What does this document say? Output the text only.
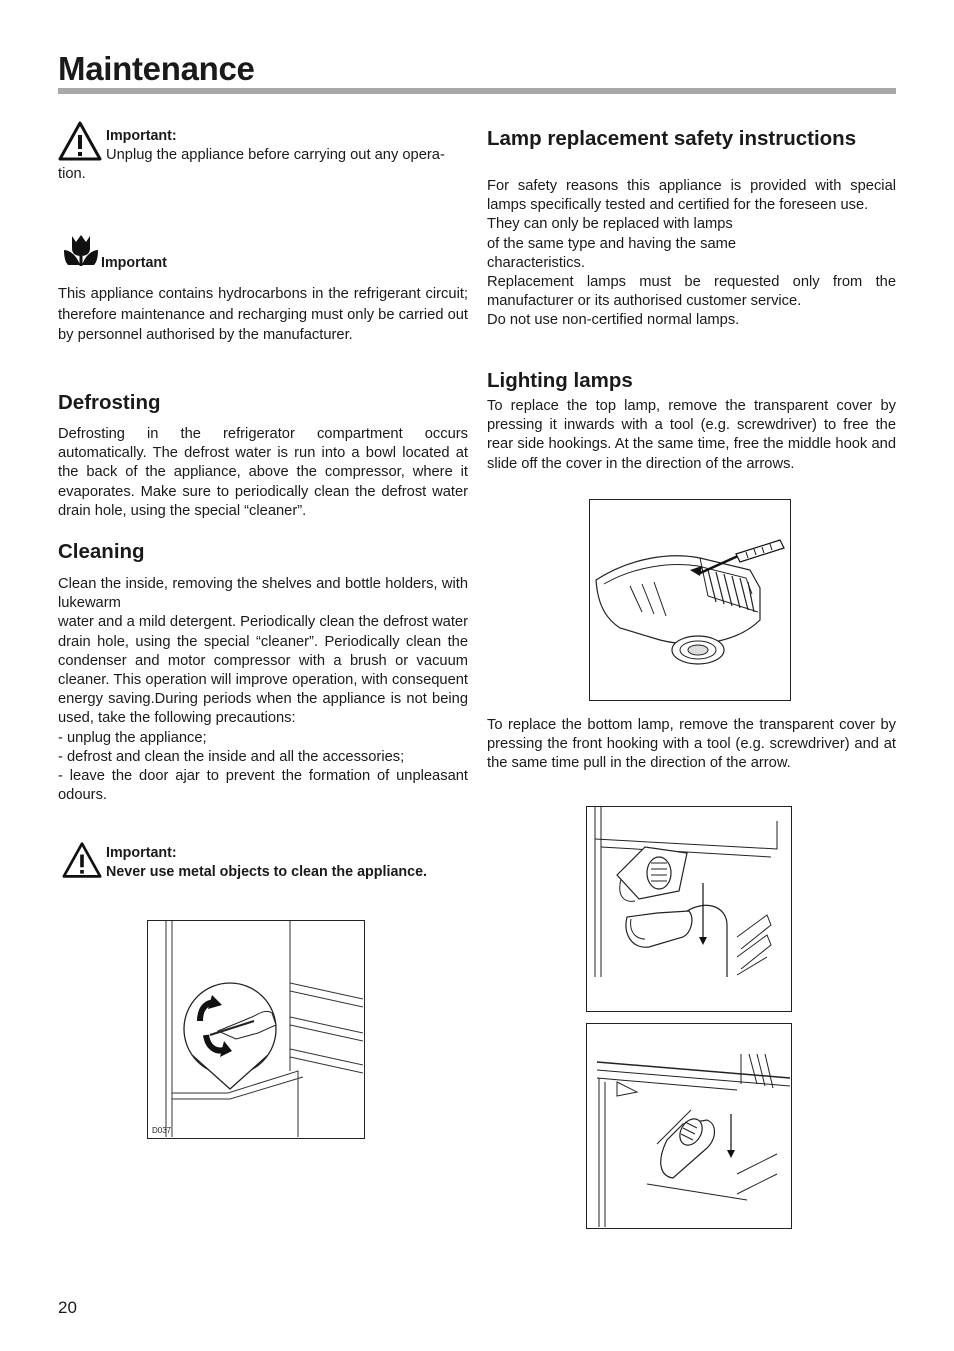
Maintenance
Important:
Unplug the appliance before carrying out any opera-
tion.
Important
This appliance contains hydrocarbons in the refrigerant circuit; therefore maintenance and recharging must only be carried out by personnel authorised by the manufacturer.
Defrosting
Defrosting in the refrigerator compartment occurs automatically. The defrost water is run into a bowl located at the back of the appliance, above the compressor, where it evaporates. Make sure to periodically clean the defrost water drain hole, using the special “cleaner”.
Cleaning

Clean the inside, removing the shelves and bottle holders, with lukewarm

water and a mild detergent. Periodically clean the defrost water drain hole, using the special “cleaner”. Periodically clean the condenser and motor compressor with a brush or vacuum cleaner. This operation will improve operation, with consequent energy saving.During periods when the appliance is not being used, take the following precautions:

- unplug the appliance;

- defrost and clean the inside and all the accessories;

- leave the door ajar to prevent the formation of unpleasant odours.

Important:
Never use metal objects to clean the appliance.
D037
Lamp replacement safety instructions

For safety reasons this appliance is provided with special lamps specifically tested and certified for the foreseen use.

They can only be replaced with lamps

of the same type and having the same

characteristics.

Replacement lamps must be requested only from the manufacturer or its authorised customer service.

Do not use non-certified normal lamps.

Lighting lamps
To replace the top lamp, remove the transparent cover by pressing it inwards with a tool (e.g. screwdriver) to free the rear side hookings. At the same time, free the middle hook and slide off the cover in the direction of the arrows.
To replace the bottom lamp, remove the transparent cover by pressing the front hooking with a tool (e.g. screwdriver) and at the same time pull in the direction of the arrow.
20
